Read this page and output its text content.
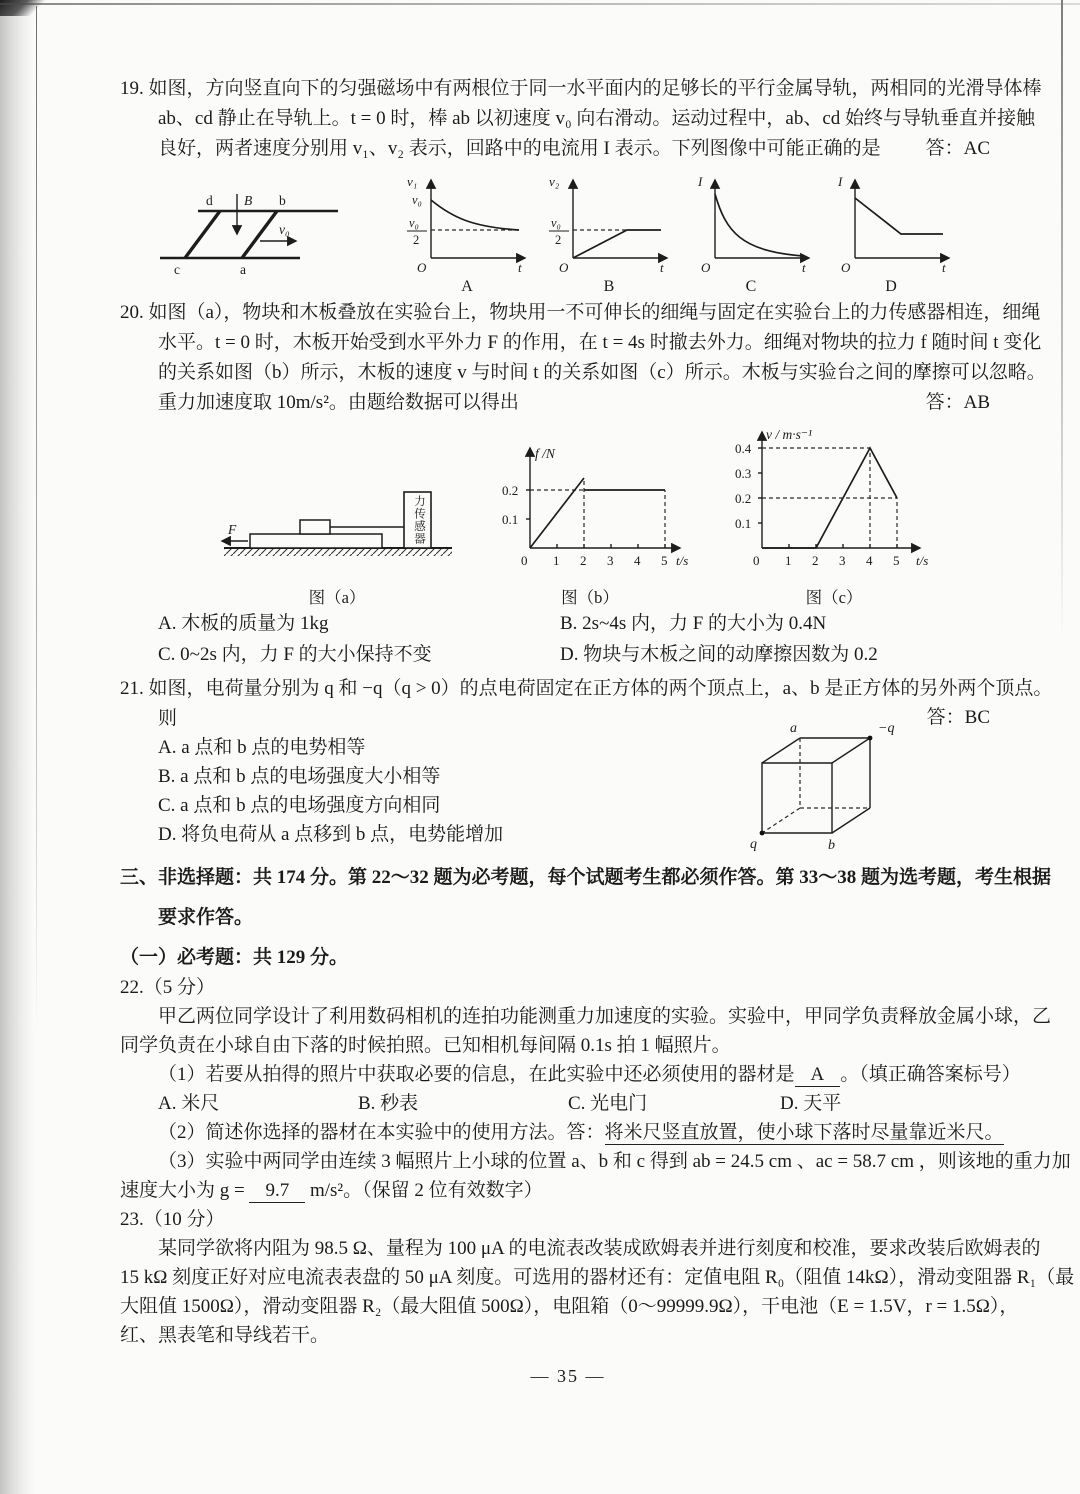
19. 如图，方向竖直向下的匀强磁场中有两根位于同一水平面内的足够长的平行金属导轨，两相同的光滑导体棒
ab、cd 静止在导轨上。t = 0 时，棒 ab 以初速度 v₀ 向右滑动。运动过程中，ab、cd 始终与导轨垂直并接触
答：AC
良好，两者速度分别用 v₁、v₂ 表示，回路中的电流用 I 表示。下列图像中可能正确的是
d B b
c	a
v₀
v₁
v₀
v₀
2
O	t
A
v₂
v₀
2
O	t
B
I
O	t
C
I
O	t
D
20. 如图（a），物块和木板叠放在实验台上，物块用一不可伸长的细绳与固定在实验台上的力传感器相连，细绳
水平。t = 0 时，木板开始受到水平外力 F 的作用，在 t = 4s 时撤去外力。细绳对物块的拉力 f 随时间 t 变化
的关系如图（b）所示，木板的速度 v 与时间 t 的关系如图（c）所示。木板与实验台之间的摩擦可以忽略。
答：AB
重力加速度取 10m/s²。由题给数据可以得出
F	力传感器
图（a）
f /N
0.2
0.1
0 1 2 3 4 5 t/s
图（b）
v / m·s⁻¹
0.4
0.3
0.2
0.1
0 1 2 3 4 5 t/s
图（c）
A. 木板的质量为 1kg	B. 2s~4s 内，力 F 的大小为 0.4N
C. 0~2s 内，力 F 的大小保持不变	D. 物块与木板之间的动摩擦因数为 0.2
21. 如图，电荷量分别为 q 和 −q（q > 0）的点电荷固定在正方体的两个顶点上，a、b 是正方体的另外两个顶点。
答：BC
a	−q
q	b
则
A. a 点和 b 点的电势相等
B. a 点和 b 点的电场强度大小相等
C. a 点和 b 点的电场强度方向相同
D. 将负电荷从 a 点移到 b 点，电势能增加
三、非选择题：共 174 分。第 22～32 题为必考题，每个试题考生都必须作答。第 33～38 题为选考题，考生根据
要求作答。
（一）必考题：共 129 分。
22.（5 分）
甲乙两位同学设计了利用数码相机的连拍功能测重力加速度的实验。实验中，甲同学负责释放金属小球，乙
同学负责在小球自由下落的时候拍照。已知相机每间隔 0.1s 拍 1 幅照片。
（1）若要从拍得的照片中获取必要的信息，在此实验中还必须使用的器材是 A 。（填正确答案标号）
A. 米尺	B. 秒表	C. 光电门	D. 天平
（2）简述你选择的器材在本实验中的使用方法。答：将米尺竖直放置，使小球下落时尽量靠近米尺。
（3）实验中两同学由连续 3 幅照片上小球的位置 a、b 和 c 得到 ab = 24.5 cm 、ac = 58.7 cm ，则该地的重力加
速度大小为 g = 9.7 m/s²。（保留 2 位有效数字）
23.（10 分）
某同学欲将内阻为 98.5 Ω、量程为 100 μA 的电流表改装成欧姆表并进行刻度和校准，要求改装后欧姆表的
15 kΩ 刻度正好对应电流表表盘的 50 μA 刻度。可选用的器材还有：定值电阻 R₀（阻值 14kΩ），滑动变阻器 R₁（最
大阻值 1500Ω），滑动变阻器 R₂（最大阻值 500Ω），电阻箱（0～99999.9Ω），干电池（E = 1.5V，r = 1.5Ω），
红、黑表笔和导线若干。
— 35 —
